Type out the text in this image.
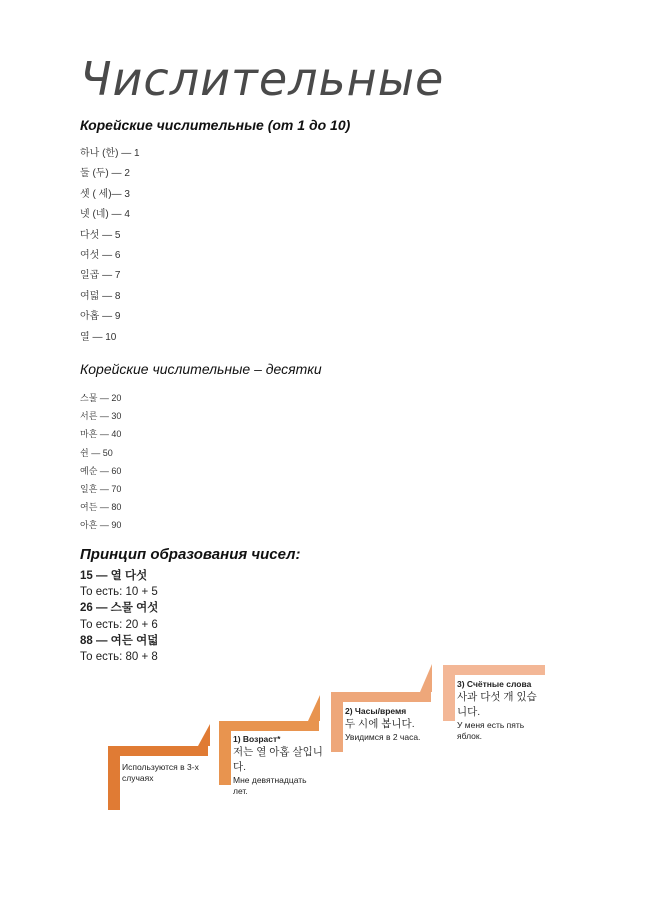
Числительные
Корейские числительные (от 1 до 10)
하나 (한) — 1
둘 (두) — 2
셋 ( 세)— 3
넷 (네) — 4
다섯 — 5
여섯 — 6
일곱 — 7
여덟 — 8
아홉 — 9
열 — 10
Корейские числительные – десятки
스물 — 20
서른 — 30
마흔 — 40
쉰 — 50
예순 — 60
일흔 — 70
여든 — 80
아흔 — 90
Принцип образования чисел:
15 — 열 다섯
То есть: 10 + 5
26 — 스물 여섯
То есть: 20 + 6
88 — 여든 여덟
То есть: 80 + 8
Используются в 3-х случаях
1) Возраст*
저는 열 아홉 살입니다.
Мне девятнадцать лет.
2) Часы/время
두 시에 봅니다.
Увидимся в 2 часа.
3) Счётные слова
사과 다섯 개 있습니다.
У меня есть пять яблок.
